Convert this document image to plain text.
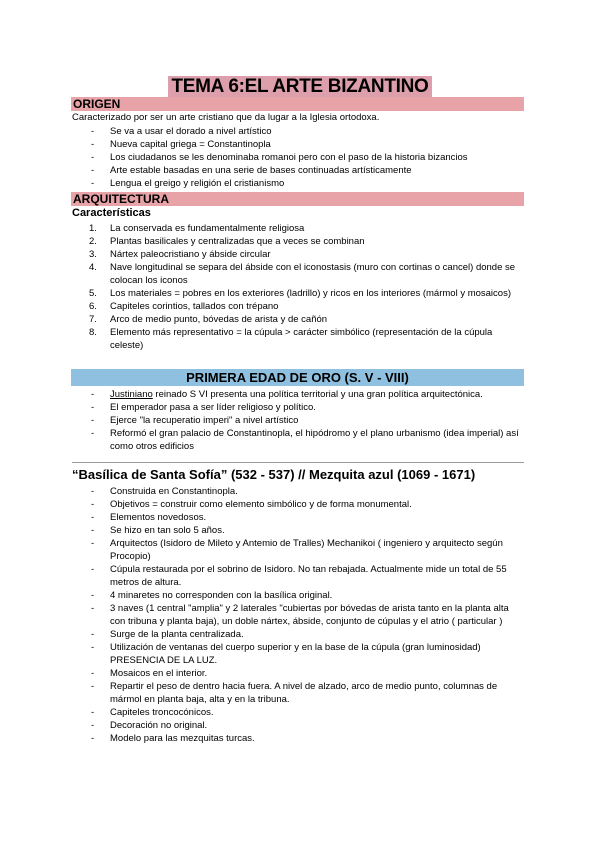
TEMA 6:EL ARTE BIZANTINO
ORIGEN
Caracterizado por ser un arte cristiano que da lugar a la Iglesia ortodoxa.
- Se va a usar el dorado a nivel artístico
- Nueva capital griega = Constantinopla
- Los ciudadanos se les denominaba romanoi pero con el paso de la historia bizancios
- Arte estable basadas en una serie de bases continuadas artísticamente
- Lengua el greigo y religión el cristianismo
ARQUITECTURA
Características
1. La conservada es fundamentalmente religiosa
2. Plantas basilicales y centralizadas que a veces se combinan
3. Nártex paleocristiano y ábside circular
4. Nave longitudinal se separa del ábside con el iconostasis (muro con cortinas o cancel) donde se colocan los iconos
5. Los materiales = pobres en los exteriores (ladrillo) y ricos en los interiores (mármol y mosaicos)
6. Capiteles corintios, tallados con trépano
7. Arco de medio punto, bóvedas de arista y de cañón
8. Elemento más representativo = la cúpula > carácter simbólico (representación de la cúpula celeste)
PRIMERA EDAD DE ORO (S. V - VIII)
- Justiniano reinado S VI presenta una política territorial y una gran política arquitectónica.
- El emperador pasa a ser líder religioso y político.
- Ejerce "la recuperatio imperi" a nivel artístico
- Reformó el gran palacio de Constantinopla, el hipódromo y el plano urbanismo (idea imperial) así como otros edificios
“Basílica de Santa Sofía” (532 - 537) // Mezquita azul (1069 - 1671)
- Construida en Constantinopla.
- Objetivos = construir como elemento simbólico y de forma monumental.
- Elementos novedosos.
- Se hizo en tan solo 5 años.
- Arquitectos (Isidoro de Mileto y Antemio de Tralles) Mechanikoi ( ingeniero y arquitecto según Procopio)
- Cúpula restaurada por el sobrino de Isidoro. No tan rebajada. Actualmente mide un total de 55 metros de altura.
- 4 minaretes no corresponden con la basílica original.
- 3 naves (1 central "amplia" y 2 laterales "cubiertas por bóvedas de arista tanto en la planta alta con tribuna y planta baja), un doble nártex, ábside, conjunto de cúpulas y el atrio ( particular )
- Surge de la planta centralizada.
- Utilización de ventanas del cuerpo superior y en la base de la cúpula (gran luminosidad) PRESENCIA DE LA LUZ.
- Mosaicos en el interior.
- Repartir el peso de dentro hacia fuera. A nivel de alzado, arco de medio punto, columnas de mármol en planta baja, alta y en la tribuna.
- Capiteles troncocónicos.
- Decoración no original.
- Modelo para las mezquitas turcas.
